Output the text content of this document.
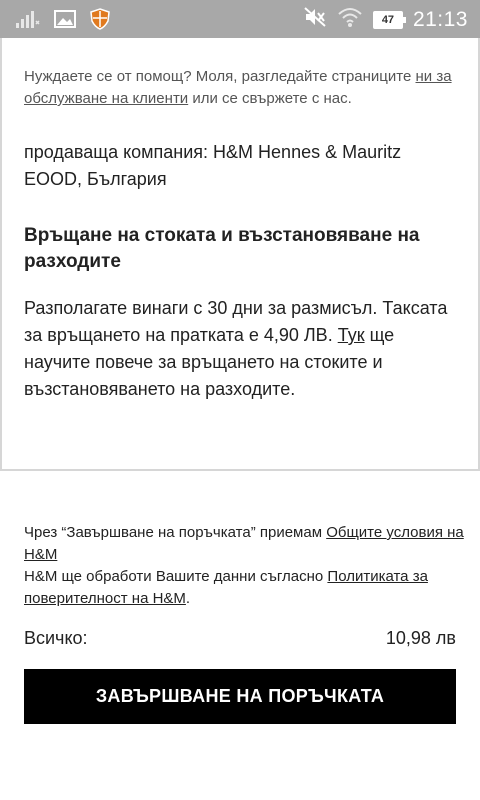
47 21:13
Нуждаете се от помощ? Моля, разгледайте страниците ни за обслужване на клиенти или се свържете с нас.
продаваща компания: H&M Hennes & Mauritz EOOD, България
Връщане на стоката и възстановяване на разходите
Разполагате винаги с 30 дни за размисъл. Таксата за връщането на пратката е 4,90 ЛВ. Тук ще научите повече за връщането на стоките и възстановяването на разходите.
Чрез “Завършване на поръчката” приемам Общите условия на H&M
H&M ще обработи Вашите данни съгласно Политиката за поверителност на H&M.
Всичко:	10,98 лв
ЗАВЪРШВАНЕ НА ПОРЪЧКАТА
